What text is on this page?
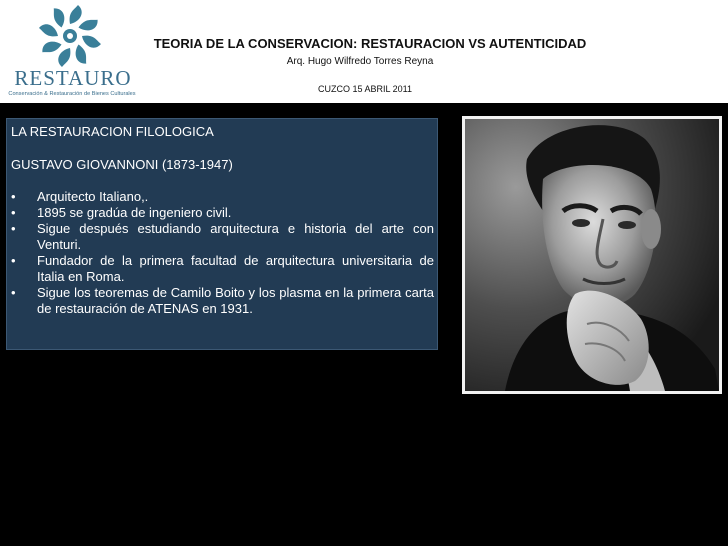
RESTAURO
Conservación & Restauración de Bienes Culturales
TEORIA DE LA CONSERVACION: RESTAURACION VS AUTENTICIDAD
Arq. Hugo Wilfredo Torres Reyna
CUZCO 15 ABRIL 2011
LA RESTAURACION FILOLOGICA
GUSTAVO GIOVANNONI (1873-1947)
• Arquitecto Italiano,.
• 1895 se gradúa de ingeniero civil.
• Sigue después estudiando arquitectura e historia del arte con Venturi.
• Fundador de la primera facultad de arquitectura universitaria de Italia en Roma.
• Sigue los teoremas de Camilo Boito y los plasma en la primera carta de restauración de ATENAS en 1931.
